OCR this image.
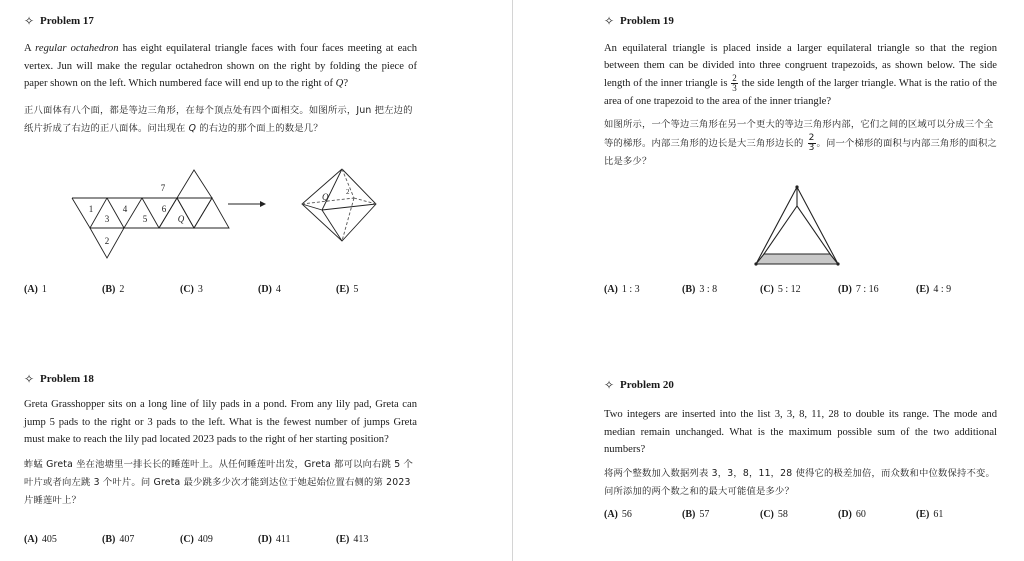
✧ Problem 17
A regular octahedron has eight equilateral triangle faces with four faces meeting at each vertex. Jun will make the regular octahedron shown on the right by folding the piece of paper shown on the left. Which numbered face will end up to the right of Q?
正八面体有八个面，都是等边三角形，在每个顶点处有四个面相交。如图所示，Jun 把左边的纸片折成了右边的正八面体。问出现在 Q 的右边的那个面上的数是几？
1
3
4
5
6
7
2
Q
Q	2
(A) 1	(B) 2	(C) 3	(D) 4	(E) 5
✧ Problem 18
Greta Grasshopper sits on a long line of lily pads in a pond. From any lily pad, Greta can jump 5 pads to the right or 3 pads to the left. What is the fewest number of jumps Greta must make to reach the lily pad located 2023 pads to the right of her starting position?
蚱蜢 Greta 坐在池塘里一排长长的睡莲叶上。从任何睡莲叶出发，Greta 都可以向右跳 5 个叶片或者向左跳 3 个叶片。问 Greta 最少跳多少次才能到达位于她起始位置右侧的第 2023 片睡莲叶上？
(A) 405	(B) 407	(C) 409	(D) 411	(E) 413
✧ Problem 19
An equilateral triangle is placed inside a larger equilateral triangle so that the region between them can be divided into three congruent trapezoids, as shown below. The side length of the inner triangle is $\frac{2}{3}$ the side length of the larger triangle. What is the ratio of the area of one trapezoid to the area of the inner triangle?
如图所示，一个等边三角形在另一个更大的等边三角形内部，它们之间的区域可以分成三个全等的梯形。内部三角形的边长是大三角形边长的 $\frac{2}{3}$ 。问一个梯形的面积与内部三角形的面积之比是多少？
(A) 1 : 3	(B) 3 : 8	(C) 5 : 12	(D) 7 : 16	(E) 4 : 9
✧ Problem 20
Two integers are inserted into the list 3, 3, 8, 11, 28 to double its range. The mode and median remain unchanged. What is the maximum possible sum of the two additional numbers?
将两个整数加入数据列表 3，3，8，11，28 使得它的极差加倍，而众数和中位数保持不变。问所添加的两个数之和的最大可能值是多少？
(A) 56	(B) 57	(C) 58	(D) 60	(E) 61
